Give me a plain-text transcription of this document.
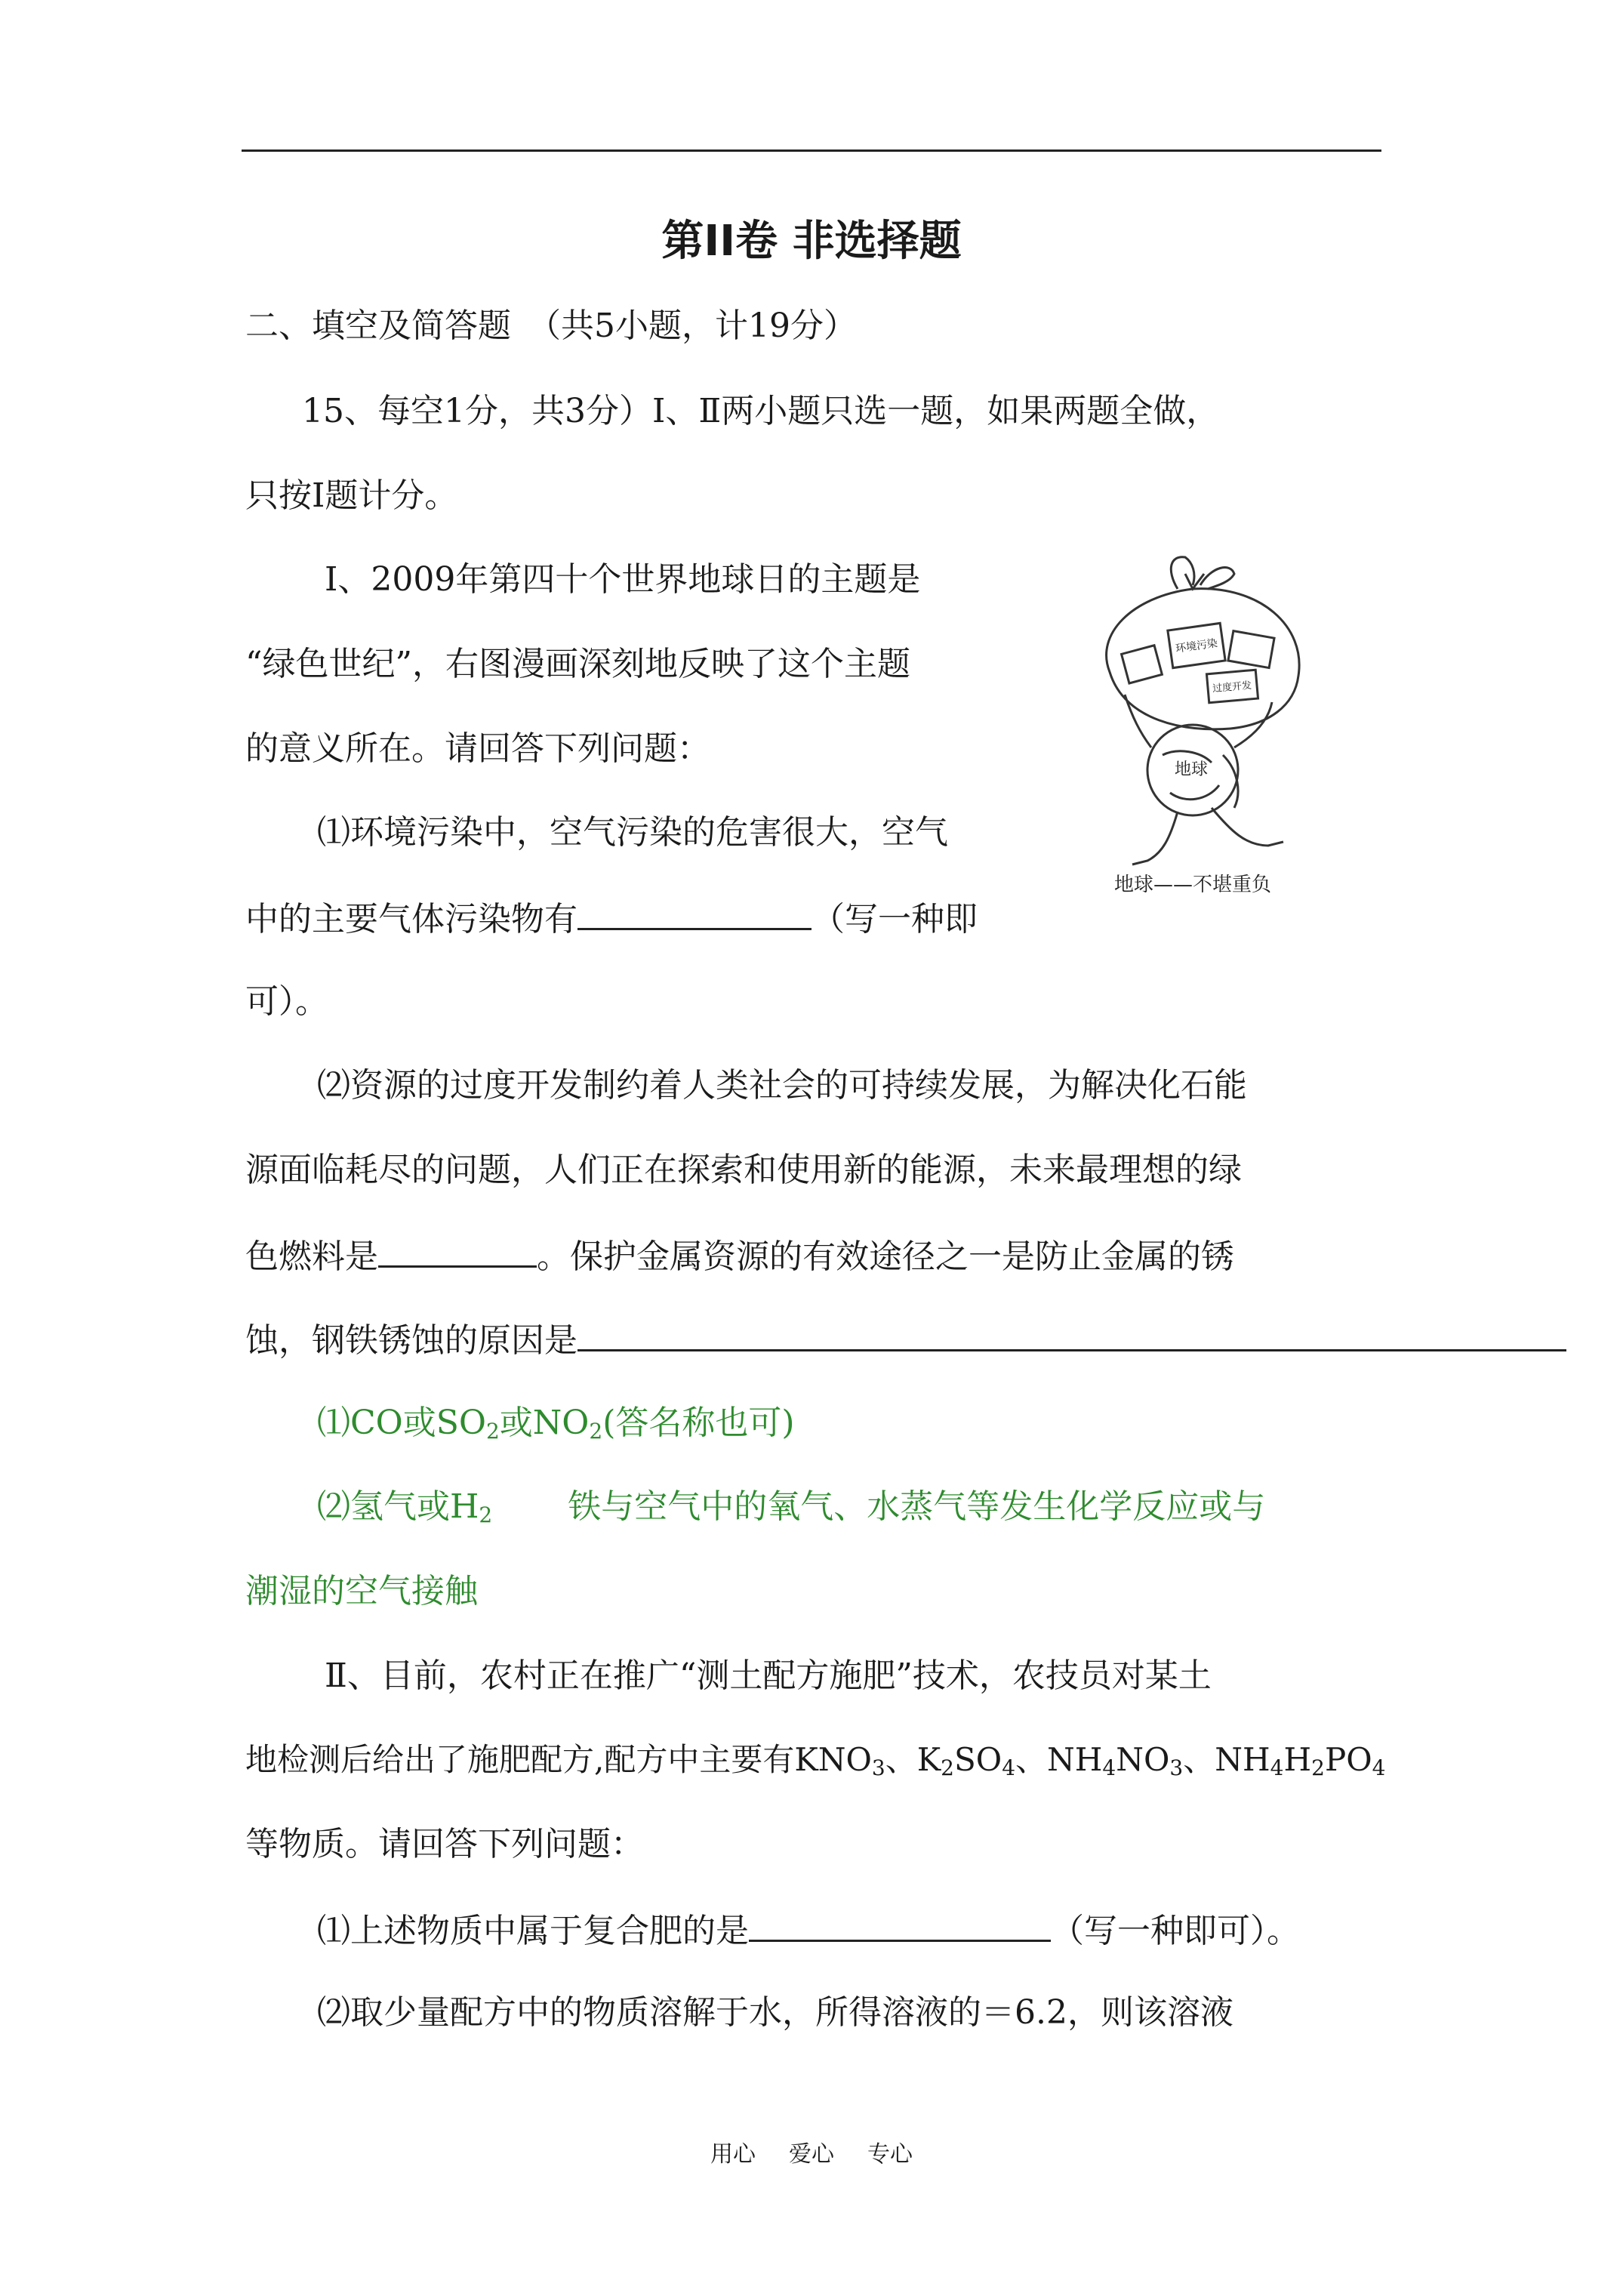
第II卷 非选择题
二、填空及简答题　（共5小题，计19分）
15、每空1分，共3分）Ⅰ、Ⅱ两小题只选一题，如果两题全做，
只按Ⅰ题计分。
Ⅰ、2009年第四十个世界地球日的主题是
“绿色世纪”，右图漫画深刻地反映了这个主题
的意义所在。请回答下列问题：
⑴环境污染中，空气污染的危害很大，空气
中的主要气体污染物有	（写一种即
可）。
⑵资源的过度开发制约着人类社会的可持续发展，为解决化石能
源面临耗尽的问题，人们正在探索和使用新的能源，未来最理想的绿
色燃料是	。保护金属资源的有效途径之一是防止金属的锈
蚀，钢铁锈蚀的原因是
⑴CO或$SO_2$或$NO_2$(答名称也可)
⑵氢气或$H_2$ 铁与空气中的氧气、水蒸气等发生化学反应或与
潮湿的空气接触
Ⅱ、目前，农村正在推广“测土配方施肥”技术，农技员对某土
地检测后给出了施肥配方,配方中主要有$KNO_3$、$K_2SO_4$、$NH_4NO_3$、$NH_4H_2PO_4$
等物质。请回答下列问题：
⑴上述物质中属于复合肥的是	（写一种即可）。
⑵取少量配方中的物质溶解于水，所得溶液的＝6.2，则该溶液
地球
环境污染
过度开发
地球——不堪重负
用心 爱心 专心
